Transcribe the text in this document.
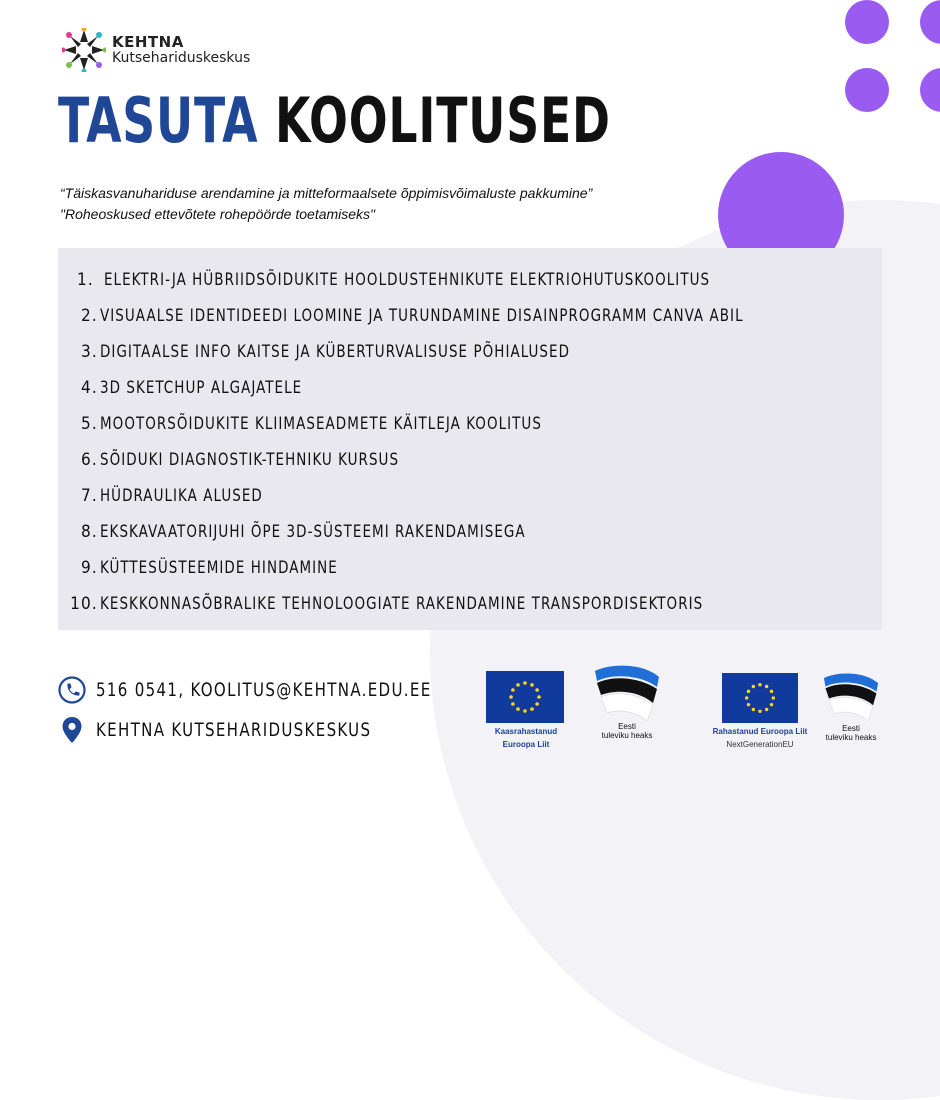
KEHTNA
Kutsehariduskeskus
TASUTA KOOLITUSED
“Täiskasvanuhariduse arendamine ja mitteformaalsete õppimisvõimaluste pakkumine”
"Roheoskused ettevõtete rohepöörde toetamiseks"
1. ELEKTRI-JA HÜBRIIDSÕIDUKITE HOOLDUSTEHNIKUTE ELEKTRIOHUTUSKOOLITUS
2. VISUAALSE IDENTIDEEDI LOOMINE JA TURUNDAMINE DISAINPROGRAMM CANVA ABIL
3. DIGITAALSE INFO KAITSE JA KÜBERTURVALISUSE PÕHIALUSED
4. 3D SKETCHUP ALGAJATELE
5. MOOTORSÕIDUKITE KLIIMASEADMETE KÄITLEJA KOOLITUS
6. SÕIDUKI DIAGNOSTIK-TEHNIKU KURSUS
7. HÜDRAULIKA ALUSED
8. EKSKAVAATORIJUHI ÕPE 3D-SÜSTEEMI RAKENDAMISEGA
9. KÜTTESÜSTEEMIDE HINDAMINE
10. KESKKONNASÕBRALIKE TEHNOLOOGIATE RAKENDAMINE TRANSPORDISEKTORIS
516 0541, KOOLITUS@KEHTNA.EDU.EE
KEHTNA KUTSEHARIDUSKESKUS	Kaasrahastanud
Euroopa Liit
Eesti
tuleviku heaks	Rahastanud Euroopa Liit
NextGenerationEU
Eesti
tuleviku heaks
